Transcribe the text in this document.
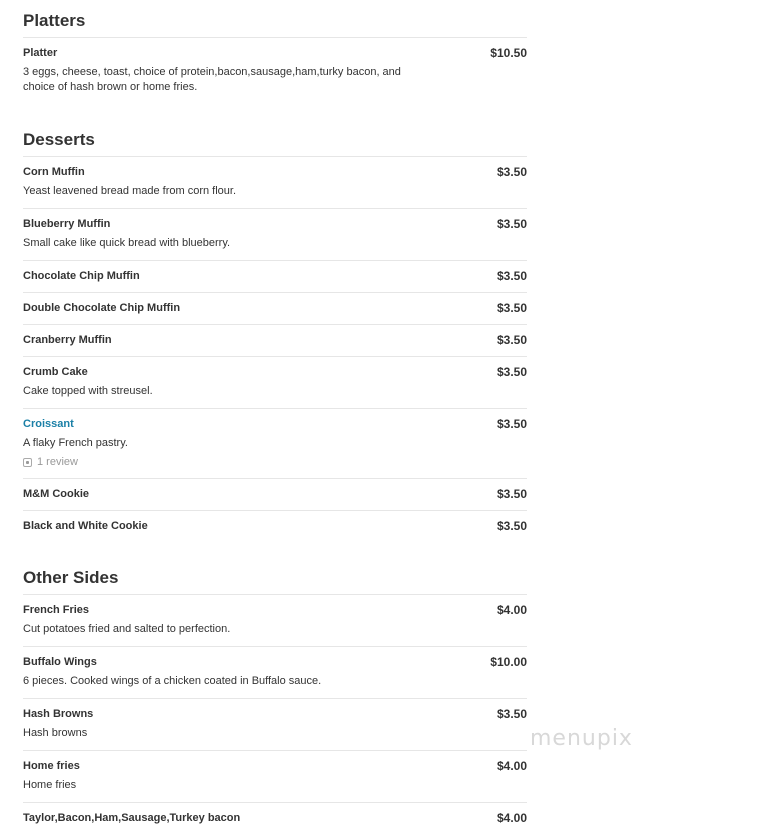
Platters
Platter	$10.50
3 eggs, cheese, toast, choice of protein,bacon,sausage,ham,turky bacon, and choice of hash brown or home fries.
Desserts
Corn Muffin	$3.50
Yeast leavened bread made from corn flour.
Blueberry Muffin	$3.50
Small cake like quick bread with blueberry.
Chocolate Chip Muffin	$3.50
Double Chocolate Chip Muffin	$3.50
Cranberry Muffin	$3.50
Crumb Cake	$3.50
Cake topped with streusel.
Croissant	$3.50
A flaky French pastry.
1 review
M&M Cookie	$3.50
Black and White Cookie	$3.50
Other Sides
French Fries	$4.00
Cut potatoes fried and salted to perfection.
Buffalo Wings	$10.00
6 pieces. Cooked wings of a chicken coated in Buffalo sauce.
Hash Browns	$3.50
Hash browns
Home fries	$4.00
Home fries
Taylor,Bacon,Ham,Sausage,Turkey bacon	$4.00
menupix
